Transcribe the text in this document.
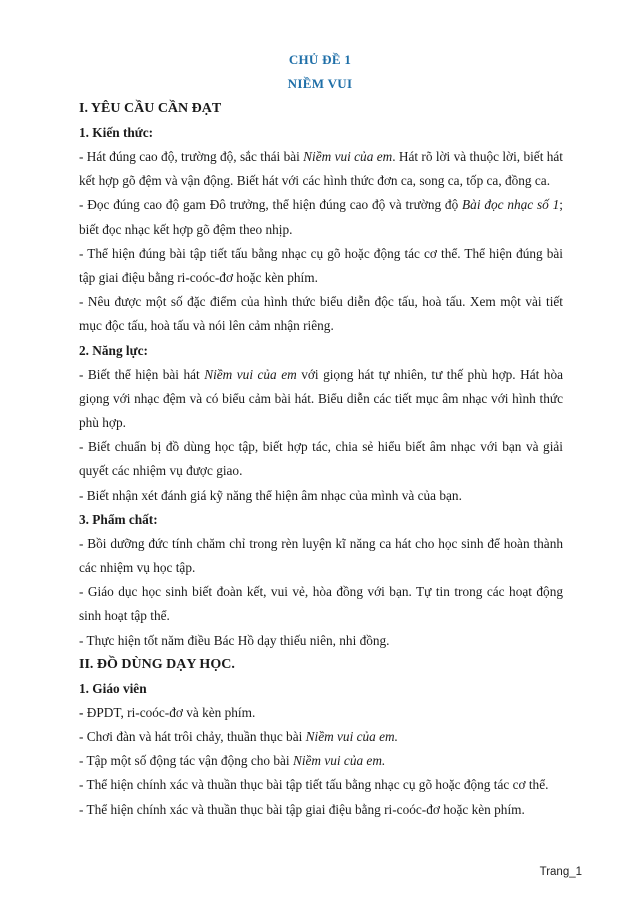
CHỦ ĐỀ 1
NIỀM VUI

I. YÊU CẦU CẦN ĐẠT

1. Kiến thức:

- Hát đúng cao độ, trường độ, sắc thái bài Niềm vui của em. Hát rõ lời và thuộc lời, biết hát kết hợp gõ đệm và vận động. Biết hát với các hình thức đơn ca, song ca, tốp ca, đồng ca.

- Đọc đúng cao độ gam Đô trưởng, thể hiện đúng cao độ và trường độ Bài đọc nhạc số 1; biết đọc nhạc kết hợp gõ đệm theo nhịp.

- Thể hiện đúng bài tập tiết tấu bằng nhạc cụ gõ hoặc động tác cơ thể. Thể hiện đúng bài tập giai điệu bằng ri-coóc-đơ hoặc kèn phím.

- Nêu được một số đặc điểm của hình thức biểu diễn độc tấu, hoà tấu. Xem một vài tiết mục độc tấu, hoà tấu và nói lên cảm nhận riêng.

2. Năng lực:

- Biết thể hiện bài hát Niềm vui của em với giọng hát tự nhiên, tư thế phù hợp. Hát hòa giọng với nhạc đệm và có biểu cảm bài hát. Biểu diễn các tiết mục âm nhạc với hình thức phù hợp.

- Biết chuẩn bị đồ dùng học tập, biết hợp tác, chia sẻ hiểu biết âm nhạc với bạn và giải quyết các nhiệm vụ được giao.

- Biết nhận xét đánh giá kỹ năng thể hiện âm nhạc của mình và của bạn.

3. Phẩm chất:

- Bồi dưỡng đức tính chăm chỉ trong rèn luyện kĩ năng ca hát cho học sinh để hoàn thành các nhiệm vụ học tập.

- Giáo dục học sinh biết đoàn kết, vui vẻ, hòa đồng với bạn. Tự tin trong các hoạt động sinh hoạt tập thể.

- Thực hiện tốt năm điều Bác Hồ dạy thiếu niên, nhi đồng.

II. ĐỒ DÙNG DẠY HỌC.

1. Giáo viên

- ĐPDT, ri-coóc-đơ và kèn phím.

- Chơi đàn và hát trôi chảy, thuần thục bài Niềm vui của em.

- Tập một số động tác vận động cho bài Niềm vui của em.

- Thể hiện chính xác và thuần thục bài tập tiết tấu bằng nhạc cụ gõ hoặc động tác cơ thể.

- Thể hiện chính xác và thuần thục bài tập giai điệu bằng ri-coóc-đơ hoặc kèn phím.

Trang_1
